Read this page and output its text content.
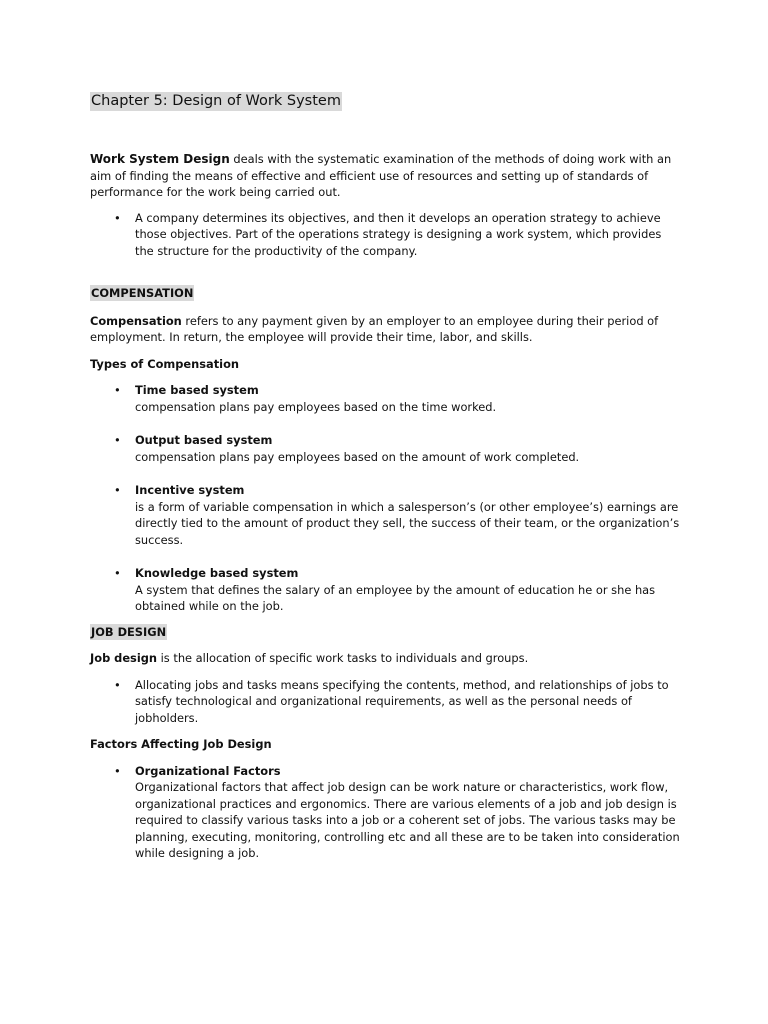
Chapter 5: Design of Work System

Work System Design deals with the systematic examination of the methods of doing work with an aim of finding the means of effective and efficient use of resources and setting up of standards of performance for the work being carried out.

• A company determines its objectives, and then it develops an operation strategy to achieve those objectives. Part of the operations strategy is designing a work system, which provides the structure for the productivity of the company.
COMPENSATION

Compensation refers to any payment given by an employer to an employee during their period of employment. In return, the employee will provide their time, labor, and skills.

Types of Compensation

• Time based system
compensation plans pay employees based on the time worked.
• Output based system
compensation plans pay employees based on the amount of work completed.
• Incentive system
is a form of variable compensation in which a salesperson’s (or other employee’s) earnings are directly tied to the amount of product they sell, the success of their team, or the organization’s success.
• Knowledge based system
A system that defines the salary of an employee by the amount of education he or she has obtained while on the job.
JOB DESIGN

Job design is the allocation of specific work tasks to individuals and groups.

• Allocating jobs and tasks means specifying the contents, method, and relationships of jobs to satisfy technological and organizational requirements, as well as the personal needs of jobholders.

Factors Affecting Job Design

• Organizational Factors
Organizational factors that affect job design can be work nature or characteristics, work flow, organizational practices and ergonomics. There are various elements of a job and job design is required to classify various tasks into a job or a coherent set of jobs. The various tasks may be planning, executing, monitoring, controlling etc and all these are to be taken into consideration while designing a job.
